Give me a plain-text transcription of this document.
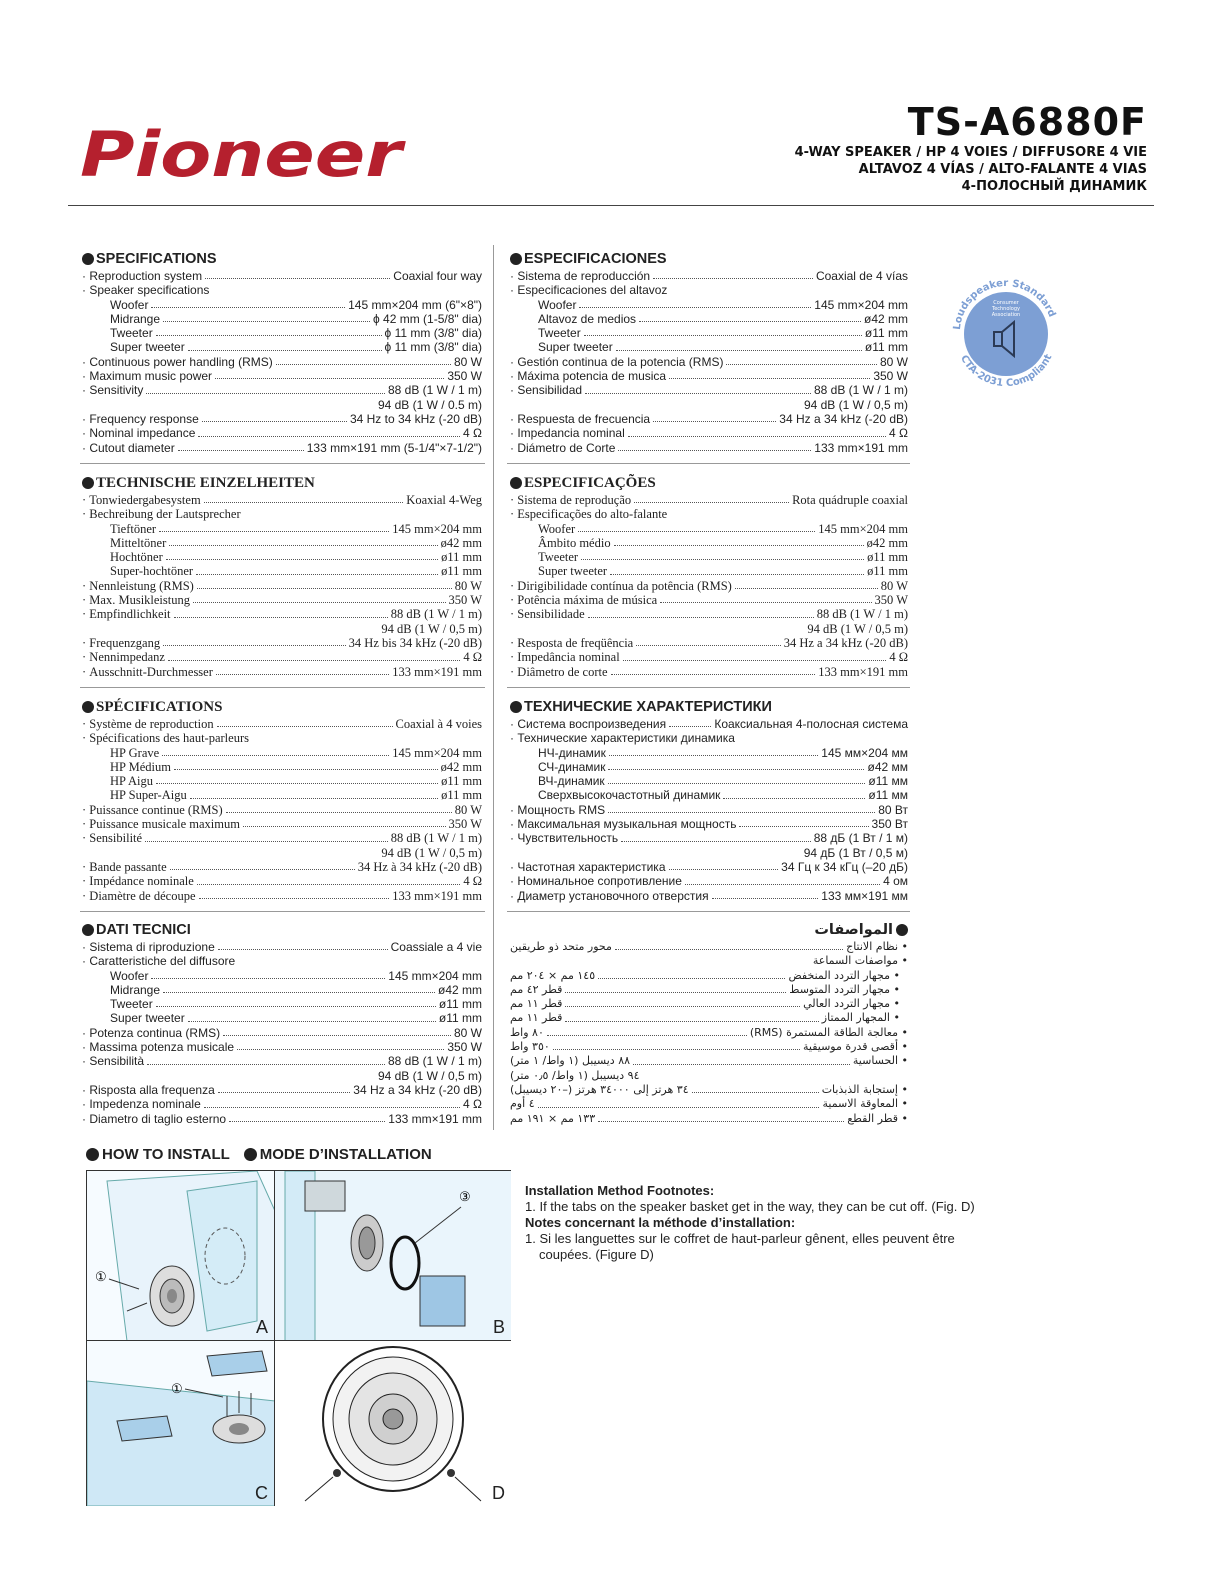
Pioneer	TS-A6880F
4-WAY SPEAKER / HP 4 VOIES / DIFFUSORE 4 VIE
ALTAVOZ 4 VÍAS / ALTO-FALANTE 4 VIAS
4-ПОЛОСНЫЙ ДИНАМИК
SPECIFICATIONS
· Reproduction system	Coaxial four way
· Speaker specifications
Woofer	145 mm×204 mm (6"×8")
Midrange	ϕ 42 mm (1-5/8" dia)
Tweeter	ϕ 11 mm (3/8" dia)
Super tweeter	ϕ 11 mm (3/8" dia)
· Continuous power handling (RMS)	80 W
· Maximum music power	350 W
· Sensitivity	88 dB (1 W / 1 m)
94 dB (1 W / 0.5 m)
· Frequency response	34 Hz to 34 kHz (-20 dB)
· Nominal impedance	4 Ω
· Cutout diameter	133 mm×191 mm (5-1/4"×7-1/2")
ESPECIFICACIONES
· Sistema de reproducción	Coaxial de 4 vías
· Especificaciones del altavoz
Woofer	145 mm×204 mm
Altavoz de medios	ø42 mm
Tweeter	ø11 mm
Super tweeter	ø11 mm
· Gestión continua de la potencia (RMS)	80 W
· Máxima potencia de musica	350 W
· Sensibilidad	88 dB (1 W / 1 m)
94 dB (1 W / 0,5 m)
· Respuesta de frecuencia	34 Hz a 34 kHz (-20 dB)
· Impedancia nominal	4 Ω
· Diámetro de Corte	133 mm×191 mm
TECHNISCHE EINZELHEITEN
· Tonwiedergabesystem	Koaxial 4-Weg
· Bechreibung der Lautsprecher
Tieftöner	145 mm×204 mm
Mitteltöner	ø42 mm
Hochtöner	ø11 mm
Super-hochtöner	ø11 mm
· Nennleistung (RMS)	80 W
· Max. Musikleistung	350 W
· Empfindlichkeit	88 dB (1 W / 1 m)
94 dB (1 W / 0,5 m)
· Frequenzgang	34 Hz bis 34 kHz (-20 dB)
· Nennimpedanz	4 Ω
· Ausschnitt-Durchmesser	133 mm×191 mm
ESPECIFICAÇÕES
· Sistema de reprodução	Rota quádruple coaxial
· Especificações do alto-falante
Woofer	145 mm×204 mm
Âmbito médio	ø42 mm
Tweeter	ø11 mm
Super tweeter	ø11 mm
· Dirigibilidade contínua da potência (RMS)	80 W
· Potência máxima de música	350 W
· Sensibilidade	88 dB (1 W / 1 m)
94 dB (1 W / 0,5 m)
· Resposta de freqüência	34 Hz a 34 kHz (-20 dB)
· Impedância nominal	4 Ω
· Diâmetro de corte	133 mm×191 mm
SPÉCIFICATIONS
· Système de reproduction	Coaxial à 4 voies
· Spécifications des haut-parleurs
HP Grave	145 mm×204 mm
HP Médium	ø42 mm
HP Aigu	ø11 mm
HP Super-Aigu	ø11 mm
· Puissance continue (RMS)	80 W
· Puissance musicale maximum	350 W
· Sensibilité	88 dB (1 W / 1 m)
94 dB (1 W / 0,5 m)
· Bande passante	34 Hz à 34 kHz (-20 dB)
· Impédance nominale	4 Ω
· Diamètre de découpe	133 mm×191 mm
ТЕХНИЧЕСКИЕ ХАРАКТЕРИСТИКИ
· Система воспроизведения	Коаксиальная 4-полосная система
· Технические характеристики динамика
НЧ-динамик	145 мм×204 мм
СЧ-динамик	ø42 мм
ВЧ-динамик	ø11 мм
Сверхвысокочастотный динамик	ø11 мм
· Мощность RMS	80 Вт
· Максимальная музыкальная мощность	350 Вт
· Чувствительность	88 дБ (1 Вт / 1 м)
94 дБ (1 Вт / 0,5 м)
· Частотная характеристика	34 Гц к 34 кГц (–20 дБ)
· Номинальное сопротивление	4 ом
· Диаметр установочного отверстия	133 мм×191 мм
DATI TECNICI
· Sistema di riproduzione	Coassiale a 4 vie
· Caratteristiche del diffusore
Woofer	145 mm×204 mm
Midrange	ø42 mm
Tweeter	ø11 mm
Super tweeter	ø11 mm
· Potenza continua (RMS)	80 W
· Massima potenza musicale	350 W
· Sensibilità	88 dB (1 W / 1 m)
94 dB (1 W / 0,5 m)
· Risposta alla frequenza	34 Hz a 34 kHz (-20 dB)
· Impedenza nominale	4 Ω
· Diametro di taglio esterno	133 mm×191 mm
المواصفات
• نظام الانتاج
محور متحد ذو طريقين
• مواصفات السماعة
• مجهار التردد المنخفض
١٤٥ مم × ٢٠٤ مم
• مجهار التردد المتوسط
قطر ٤٢ مم
• مجهار التردد العالي
قطر ١١ مم
• المجهار الممتاز
قطر ١١ مم
• معالجة الطاقة المستمرة (RMS)
٨٠ واط
• أقصى قدرة موسيقية
٣٥٠ واط
• الحساسية
٨٨ ديسيبل (١ واط/ ١ متر)
٩٤ ديسيبل (١ واط/ ٠٫٥ متر)
• إستجابة الذبذبات
٣٤ هرتز إلى ٣٤٠٠٠ هرتز (–٢٠ ديسيبل)
• المعاوقة الاسمية
٤ أوم
• قطر القطع
١٣٣ مم × ١٩١ مم
Loudspeaker Standard
CTA-2031 Compliant
Consumer
Technology
Association
HOW TO INSTALL MODE D’INSTALLATION
①
A
③
B
①
C	D
Installation Method Footnotes:
1. If the tabs on the speaker basket get in the way, they can be cut off. (Fig. D)
Notes concernant la méthode d’installation:
1. Si les languettes sur le coffret de haut-parleur gênent, elles peuvent être coupées. (Figure D)
